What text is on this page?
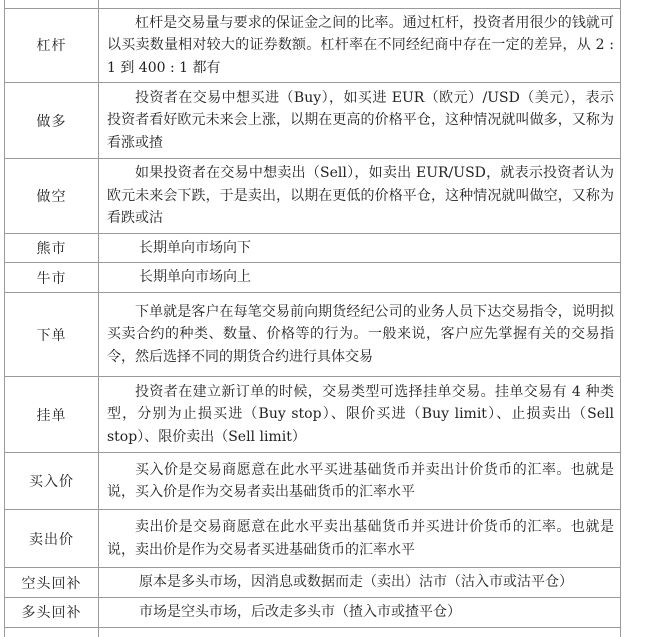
杠杆	杠杆是交易量与要求的保证金之间的比率。通过杠杆，投资者用很少的钱就可以买卖数量相对较大的证券数额。杠杆率在不同经纪商中存在一定的差异，从 2 : 1 到 400 : 1 都有

做多	投资者在交易中想买进（Buy），如买进 EUR（欧元）/USD（美元），表示投资者看好欧元未来会上涨，以期在更高的价格平仓，这种情况就叫做多，又称为看涨或揸

做空	如果投资者在交易中想卖出（Sell），如卖出 EUR/USD，就表示投资者认为欧元未来会下跌，于是卖出，以期在更低的价格平仓，这种情况就叫做空，又称为看跌或沽

熊市	长期单向市场向下

牛市	长期单向市场向上

下单	下单就是客户在每笔交易前向期货经纪公司的业务人员下达交易指令，说明拟买卖合约的种类、数量、价格等的行为。一般来说，客户应先掌握有关的交易指令，然后选择不同的期货合约进行具体交易

挂单	投资者在建立新订单的时候，交易类型可选择挂单交易。挂单交易有 4 种类型，分别为止损买进（Buy stop）、限价买进（Buy limit）、止损卖出（Sell stop）、限价卖出（Sell limit）

买入价	买入价是交易商愿意在此水平买进基础货币并卖出计价货币的汇率。也就是说，买入价是作为交易者卖出基础货币的汇率水平

卖出价	卖出价是交易商愿意在此水平卖出基础货币并买进计价货币的汇率。也就是说，卖出价是作为交易者买进基础货币的汇率水平

空头回补	原本是多头市场，因消息或数据而走（卖出）沽市（沽入市或沽平仓）

多头回补	市场是空头市场，后改走多头市（揸入市或揸平仓）
